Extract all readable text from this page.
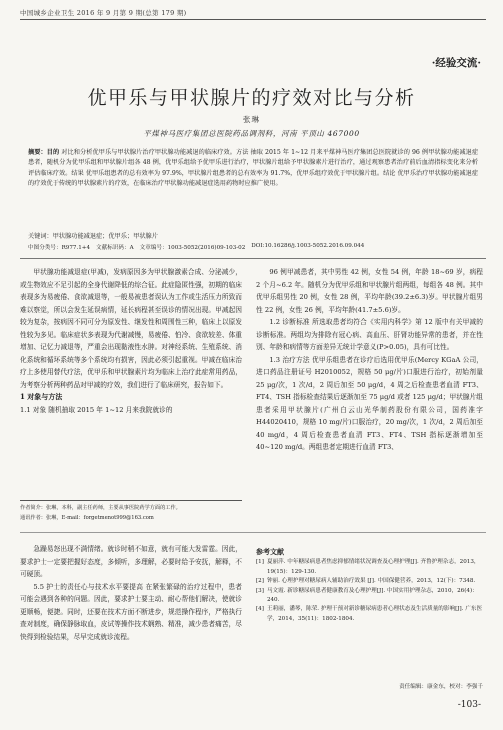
中国城乡企业卫生 2016 年 9 月第 9 期(总第 179 期)
·经验交流·
优甲乐与甲状腺片的疗效对比与分析
张琳
平煤神马医疗集团总医院药品调剂科，河南 平顶山 467000
摘要：目的 对比和分析优甲乐与甲状腺片治疗甲状腺功能减退的临床疗效。方法 抽取 2015 年 1~12 月来平煤神马医疗集团总医院就诊的 96 例甲状腺功能减退症患者，随机分为优甲乐组和甲状腺片组各 48 例，优甲乐组给予优甲乐进行治疗，甲状腺片组给予甲状腺素片进行治疗，通过观察患者治疗前后血清指标变化来分析评估临床疗效。结果 优甲乐组患者的总有效率为 97.9%，甲状腺片组患者的总有效率为 91.7%，优甲乐组疗效优于甲状腺片组。结论 优甲乐治疗甲状腺功能减退症的疗效优于传统的甲状腺素片的疗效，在临床治疗甲状腺功能减退症选用药物时应推广使用。
关键词：甲状腺功能减退症；优甲乐；甲状腺片
中图分类号：R977.1+4 文献标识码：A 文章编号：1003-5052(2016)09-103-02 DOI:10.16286/j.1003-5052.2016.09.044

甲状腺功能减退症(甲减)，发病原因多为甲状腺激素合成、分泌减少，或生物效应不足引起的全身代谢降低的综合征。此症隐匿性强，初期的临床表现多为易疲倦、食欲减退等，一般易被患者误认为工作或生活压力所致而难以察觉，所以会发生延误病情，延长病程甚至误诊的情况出现。甲减起因较为复杂，按病因不同可分为原发性、继发性和周围性三种，临床上以原发性较为多见。临床症状多表现为代谢减慢，易疲倦、怕冷、食欲较差、体重增加、记忆力减退等，严重会出现黏液性水肿。对神经系统、生殖系统、消化系统和循环系统等多个系统均有损害，因此必须引起重视。甲减在临床治疗上多使用替代疗法，优甲乐和甲状腺素片均为临床上治疗此症常用药品，为考察分析两种药品对甲减的疗效，我们进行了临床研究，报告如下。

1 对象与方法

1.1 对象 随机抽取 2015 年 1~12 月来我院就诊的

作者简介：张琳，本科，副主任药师，主要从事医院药学方面的工作。
通讯作者：张琳，E-mail：forgetmenot999@163.com

96 例甲减患者，其中男性 42 例，女性 54 例，年龄 18~69 岁，病程 2 个月~6.2 年。随机分为优甲乐组和甲状腺片组两组，每组各 48 例。其中优甲乐组男性 20 例，女性 28 例，平均年龄(39.2±6.3)岁。甲状腺片组男性 22 例，女性 26 例，平均年龄(41.7±5.6)岁。

1.2 诊断标准 所选取患者均符合《实用内科学》第 12 版中有关甲减的诊断标准。两组均为排除有冠心病、高血压、肝肾功能异常的患者，并在性别、年龄和病情等方面差异无统计学意义(P>0.05)，具有可比性。

1.3 治疗方法 优甲乐组患者在诊疗后选用优甲乐(Mercy KGaA 公司，进口药品注册证号 H2010052，规格 50 μg/片)口服进行治疗，初始剂量 25 μg/次，1 次/d，2 周后加至 50 μg/d，4 周之后检查患者血清 FT3、FT4、TSH 指标检查结果后逐渐加至 75 μg/d 或者 125 μg/d；甲状腺片组患者采用甲状腺片(广州白云山光华制药股份有限公司，国药准字 H44020410，规格 10 mg/片)口服治疗，20 mg/次，1 次/d，2 周后加至 40 mg/d，4 周后检查患者血清 FT3、FT4、TSH 指标逐渐增加至 40~120 mg/d。两组患者定期进行血清 FT3、

急躁易怒出现不满情绪。就诊时稍不如意，就有可能大发雷霆。因此，要求护士一定要把握好态度，多倾听，多理解，必要时给予安抚，解释，不可硬顶。

5.5 护士的责任心与技术水平要提高 在紧张繁碌的治疗过程中，患者可能会遇到各种的问题。因此，要求护士要主动、耐心帮他们解决，使就诊更顺畅，便捷。同时，还要在技术方面不断进步，规范操作程序，严格执行查对制度，确保静脉取血，皮试等操作技术娴熟、精准，减少患者痛苦，尽快得到检验结果，尽早完成就诊流程。

参考文献
[1] 夏丽萍. 中年糖尿病患者焦虑抑郁情绪状况调查及心理护理[J]. 齐鲁护理杂志，2013，19(15)：129-130.
[2] 钟丽. 心理护理对糖尿病人辅助治疗效果 [J]. 中国保健营养，2013，12(下)：7348.
[3] 马文霞. 新诊糖尿病患者健康教育及心理护理[J]. 中国实用护理杂志，2010，26(4)：240.
[4] 王莉丽，潘琴，陈荣. 护理干预对新诊糖尿病患者心理状态及生活质量的影响[J]. 广东医学，2014，35(11)：1802-1804.
责任编辑：康金东，校对：李强千
-103-
